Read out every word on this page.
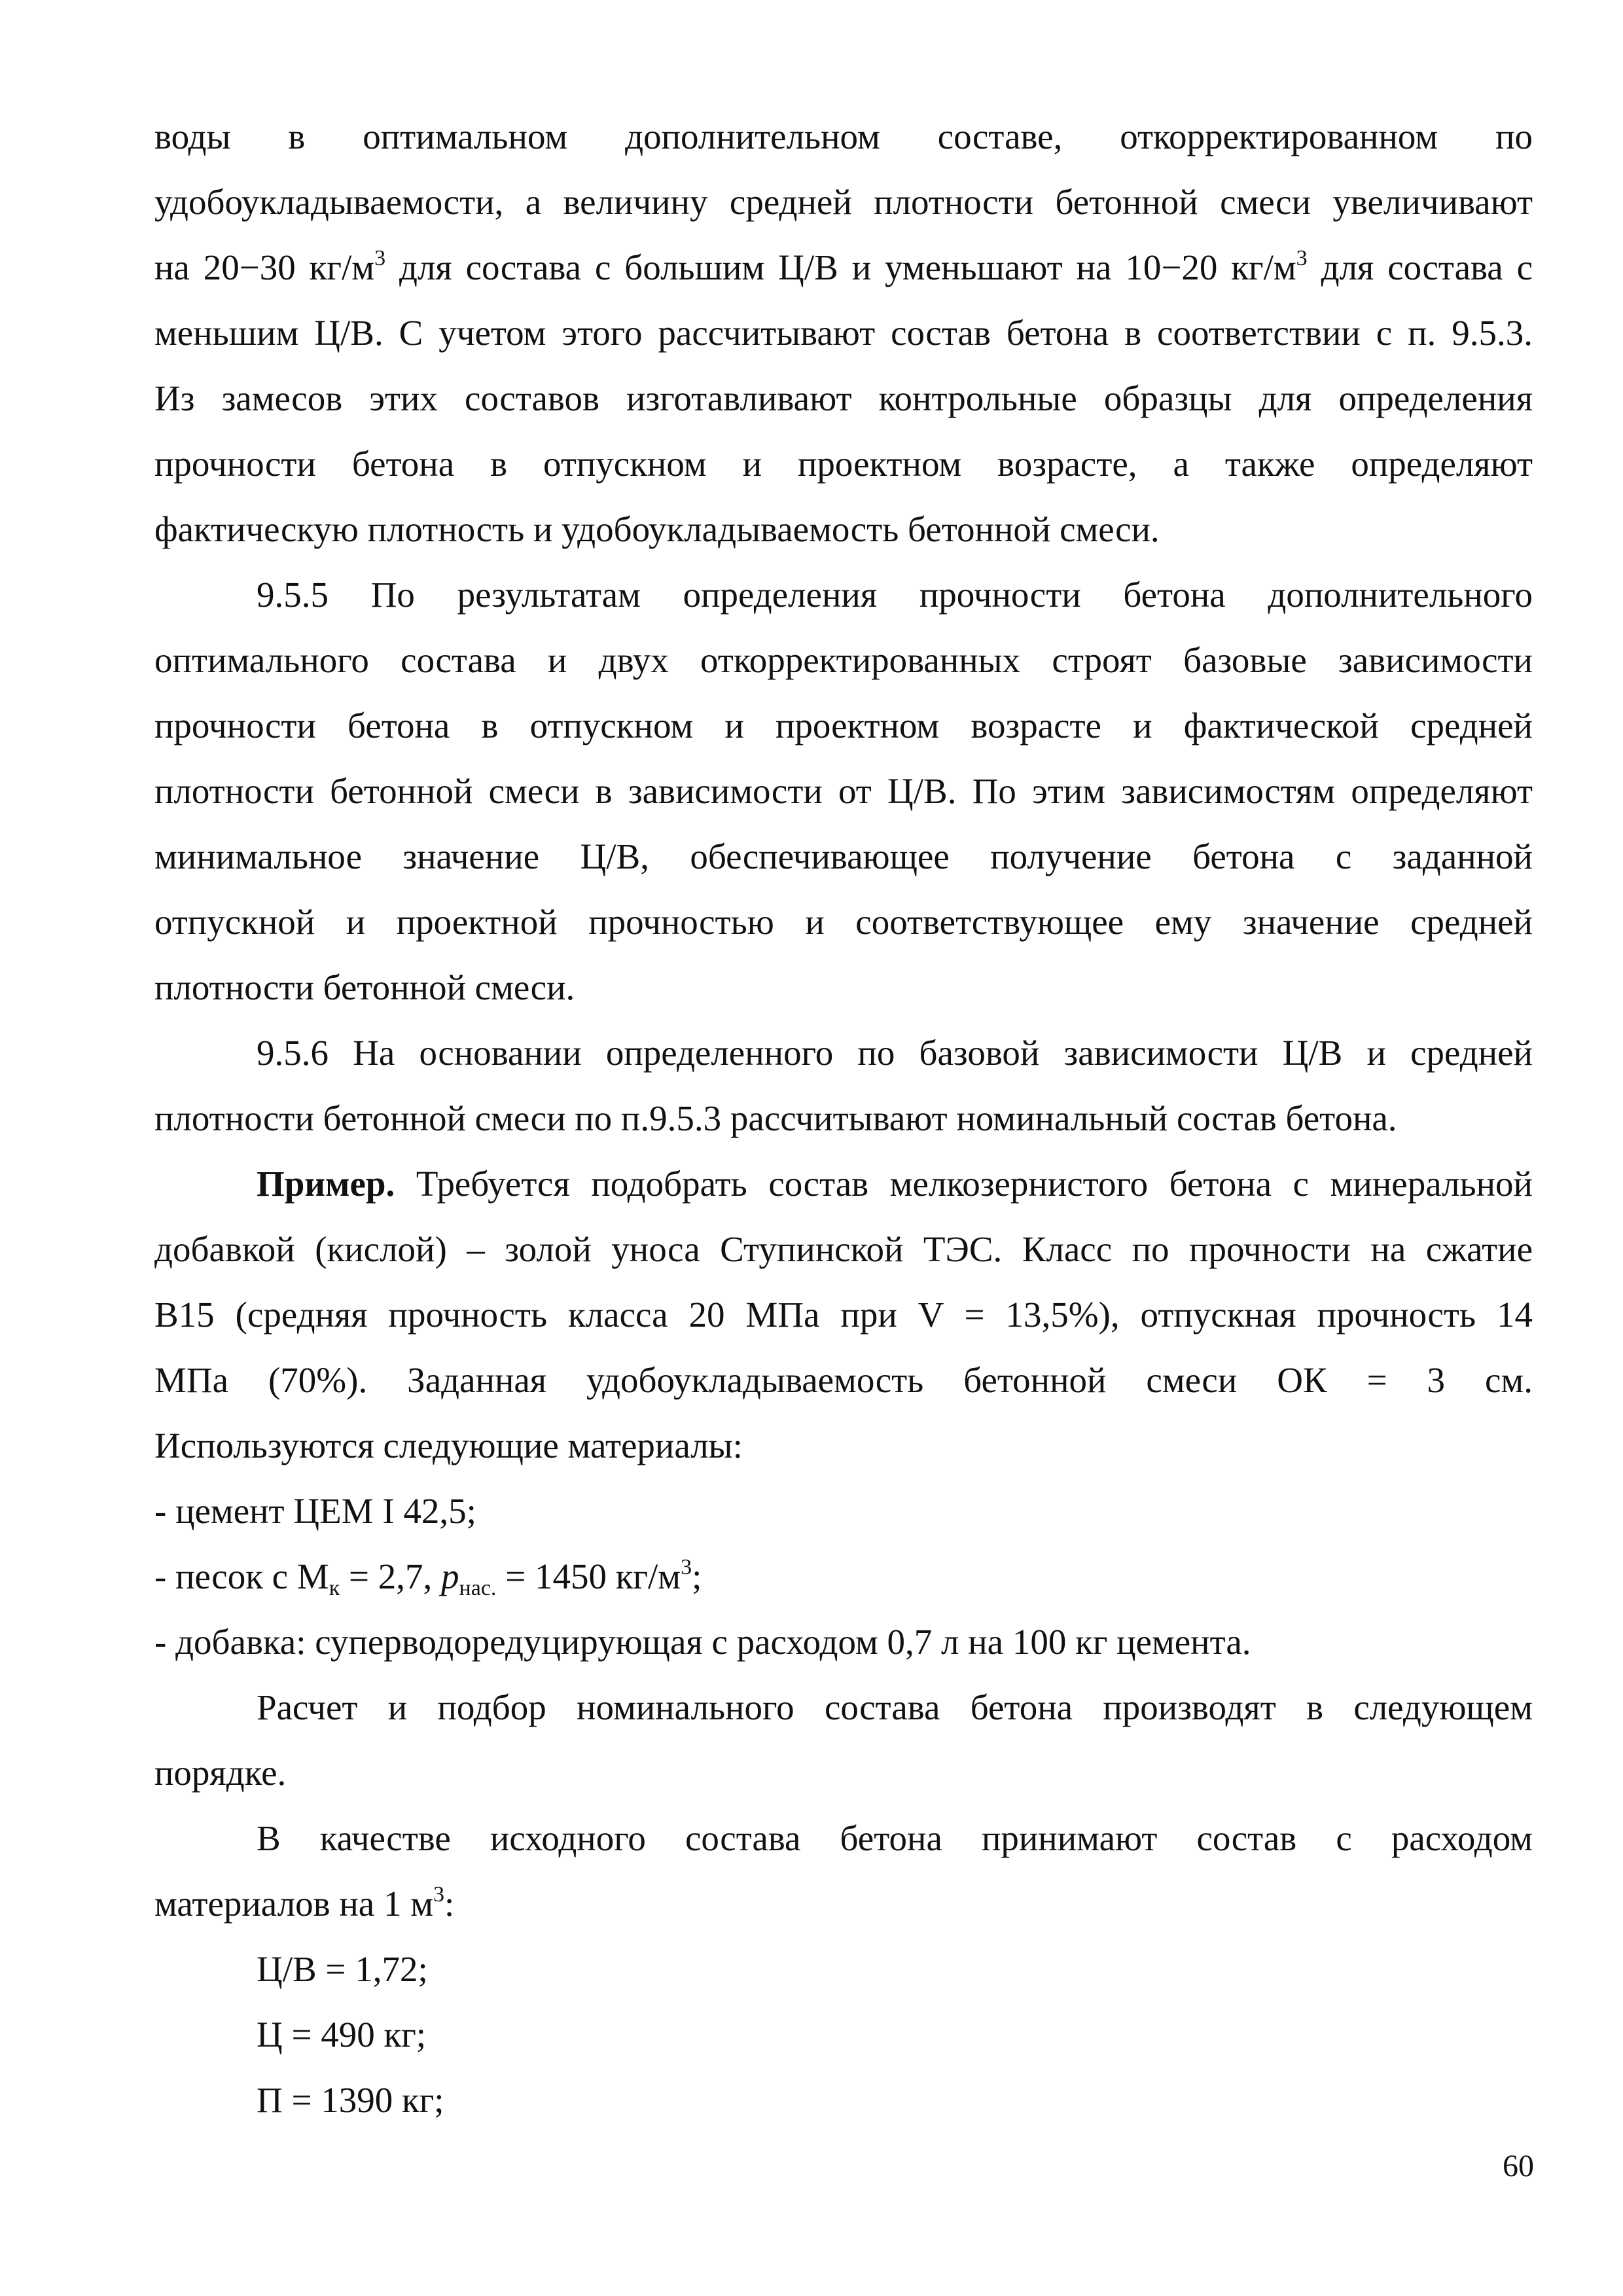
воды в оптимальном дополнительном составе, откорректированном по
удобоукладываемости, а величину средней плотности бетонной смеси увеличивают
на 20−30 $кг/м^3$ для состава с большим Ц/В и уменьшают на 10−20 $кг/м^3$ для состава с
меньшим Ц/В. С учетом этого рассчитывают состав бетона в соответствии с п. 9.5.3.
Из замесов этих составов изготавливают контрольные образцы для определения
прочности бетона в отпускном и проектном возрасте, а также определяют
фактическую плотность и удобоукладываемость бетонной смеси.
9.5.5 По результатам определения прочности бетона дополнительного
оптимального состава и двух откорректированных строят базовые зависимости
прочности бетона в отпускном и проектном возрасте и фактической средней
плотности бетонной смеси в зависимости от Ц/В. По этим зависимостям определяют
минимальное значение Ц/В, обеспечивающее получение бетона с заданной
отпускной и проектной прочностью и соответствующее ему значение средней
плотности бетонной смеси.
9.5.6 На основании определенного по базовой зависимости Ц/В и средней
плотности бетонной смеси по п.9.5.3 рассчитывают номинальный состав бетона.
Пример. Требуется подобрать состав мелкозернистого бетона с минеральной
добавкой (кислой) – золой уноса Ступинской ТЭС. Класс по прочности на сжатие
В15 (средняя прочность класса 20 МПа при V = 13,5%), отпускная прочность 14
МПа (70%). Заданная удобоукладываемость бетонной смеси ОК = 3 см.
Используются следующие материалы:
- цемент ЦЕМ I 42,5;
- песок с $М_к = 2,7$, $р_{нас.} = 1450$ $кг/м^3$;
- добавка: суперводоредуцирующая с расходом 0,7 л на 100 кг цемента.
Расчет и подбор номинального состава бетона производят в следующем
порядке.
В качестве исходного состава бетона принимают состав с расходом
материалов на 1 $м^3$:
Ц/В = 1,72;
Ц = 490 кг;
П = 1390 кг;
60
